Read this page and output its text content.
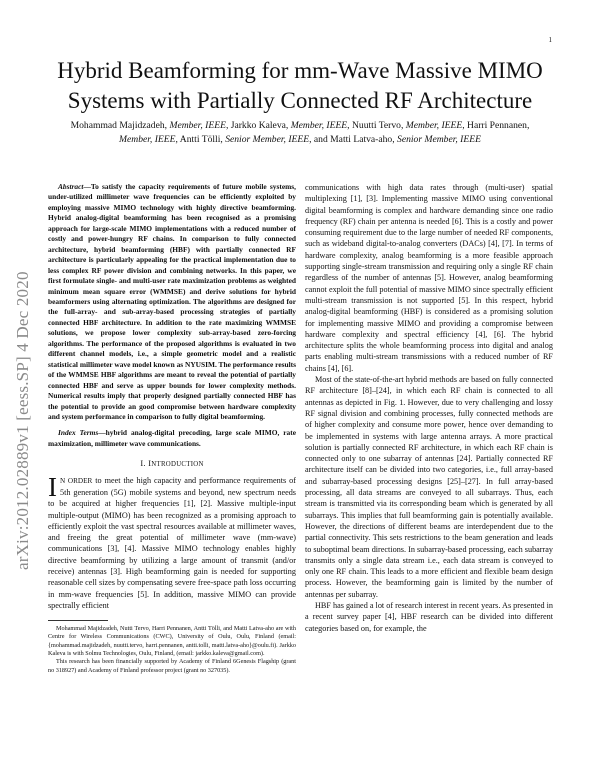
1
arXiv:2012.02889v1 [eess.SP] 4 Dec 2020
Hybrid Beamforming for mm-Wave Massive MIMO Systems with Partially Connected RF Architecture

Mohammad Majidzadeh, Member, IEEE, Jarkko Kaleva, Member, IEEE, Nuutti Tervo, Member, IEEE, Harri Pennanen, Member, IEEE, Antti Tölli, Senior Member, IEEE, and Matti Latva-aho, Senior Member, IEEE

Abstract—To satisfy the capacity requirements of future mobile systems, under-utilized millimeter wave frequencies can be efficiently exploited by employing massive MIMO technology with highly directive beamforming. Hybrid analog-digital beamforming has been recognised as a promising approach for large-scale MIMO implementations with a reduced number of costly and power-hungry RF chains. In comparison to fully connected architecture, hybrid beamforming (HBF) with partially connected RF architecture is particularly appealing for the practical implementation due to less complex RF power division and combining networks. In this paper, we first formulate single- and multi-user rate maximization problems as weighted minimum mean square error (WMMSE) and derive solutions for hybrid beamformers using alternating optimization. The algorithms are designed for the full-array- and sub-array-based processing strategies of partially connected HBF architecture. In addition to the rate maximizing WMMSE solutions, we propose lower complexity sub-array-based zero-forcing algorithms. The performance of the proposed algorithms is evaluated in two different channel models, i.e., a simple geometric model and a realistic statistical millimeter wave model known as NYUSIM. The performance results of the WMMSE HBF algorithms are meant to reveal the potential of partially connected HBF and serve as upper bounds for lower complexity methods. Numerical results imply that properly designed partially connected HBF has the potential to provide an good compromise between hardware complexity and system performance in comparison to fully digital beamforming.

Index Terms—hybrid analog-digital precoding, large scale MIMO, rate maximization, millimeter wave communications.

I. INTRODUCTION

IN ORDER to meet the high capacity and performance requirements of 5th generation (5G) mobile systems and beyond, new spectrum needs to be acquired at higher frequencies [1], [2]. Massive multiple-input multiple-output (MIMO) has been recognized as a promising approach to efficiently exploit the vast spectral resources available at millimeter waves, and freeing the great potential of millimeter wave (mm-wave) communications [3], [4]. Massive MIMO technology enables highly directive beamforming by utilizing a large amount of transmit (and/or receive) antennas [3]. High beamforming gain is needed for supporting reasonable cell sizes by compensating severe free-space path loss occurring in mm-wave frequencies [5]. In addition, massive MIMO can provide spectrally efficient

Mohammad Majidzadeh, Nutti Tervo, Harri Pennanen, Antti Tölli, and Matti Latva-aho are with Centre for Wireless Communications (CWC), University of Oulu, Oulu, Finland (email: {mohammad.majidzadeh, nuutti.tervo, harri.pennanen, antti.tolli, matti.latva-aho}@oulu.fi). Jarkko Kaleva is with Solmu Technologies, Oulu, Finland, (email: jarkko.kaleva@gmail.com).

This research has been financially supported by Academy of Finland 6Genesis Flagship (grant no 318927) and Academy of Finland professor project (grant no 327035).

communications with high data rates through (multi-user) spatial multiplexing [1], [3]. Implementing massive MIMO using conventional digital beamforming is complex and hardware demanding since one radio frequency (RF) chain per antenna is needed [6]. This is a costly and power consuming requirement due to the large number of needed RF components, such as wideband digital-to-analog converters (DACs) [4], [7]. In terms of hardware complexity, analog beamforming is a more feasible approach supporting single-stream transmission and requiring only a single RF chain regardless of the number of antennas [5]. However, analog beamforming cannot exploit the full potential of massive MIMO since spectrally efficient multi-stream transmission is not supported [5]. In this respect, hybrid analog-digital beamforming (HBF) is considered as a promising solution for implementing massive MIMO and providing a compromise between hardware complexity and spectral efficiency [4], [6]. The hybrid architecture splits the whole beamforming process into digital and analog parts enabling multi-stream transmissions with a reduced number of RF chains [4], [6].

Most of the state-of-the-art hybrid methods are based on fully connected RF architecture [8]–[24], in which each RF chain is connected to all antennas as depicted in Fig. 1. However, due to very challenging and lossy RF signal division and combining processes, fully connected methods are of higher complexity and consume more power, hence over demanding to be implemented in systems with large antenna arrays. A more practical solution is partially connected RF architecture, in which each RF chain is connected only to one subarray of antennas [24]. Partially connected RF architecture itself can be divided into two categories, i.e., full array-based and subarray-based processing designs [25]–[27]. In full array-based processing, all data streams are conveyed to all subarrays. Thus, each stream is transmitted via its corresponding beam which is generated by all subarrays. This implies that full beamforming gain is potentially available. However, the directions of different beams are interdependent due to the partial connectivity. This sets restrictions to the beam generation and leads to suboptimal beam directions. In subarray-based processing, each subarray transmits only a single data stream i.e., each data stream is conveyed to only one RF chain. This leads to a more efficient and flexible beam design process. However, the beamforming gain is limited by the number of antennas per subarray.

HBF has gained a lot of research interest in recent years. As presented in a recent survey paper [4], HBF research can be divided into different categories based on, for example, the
